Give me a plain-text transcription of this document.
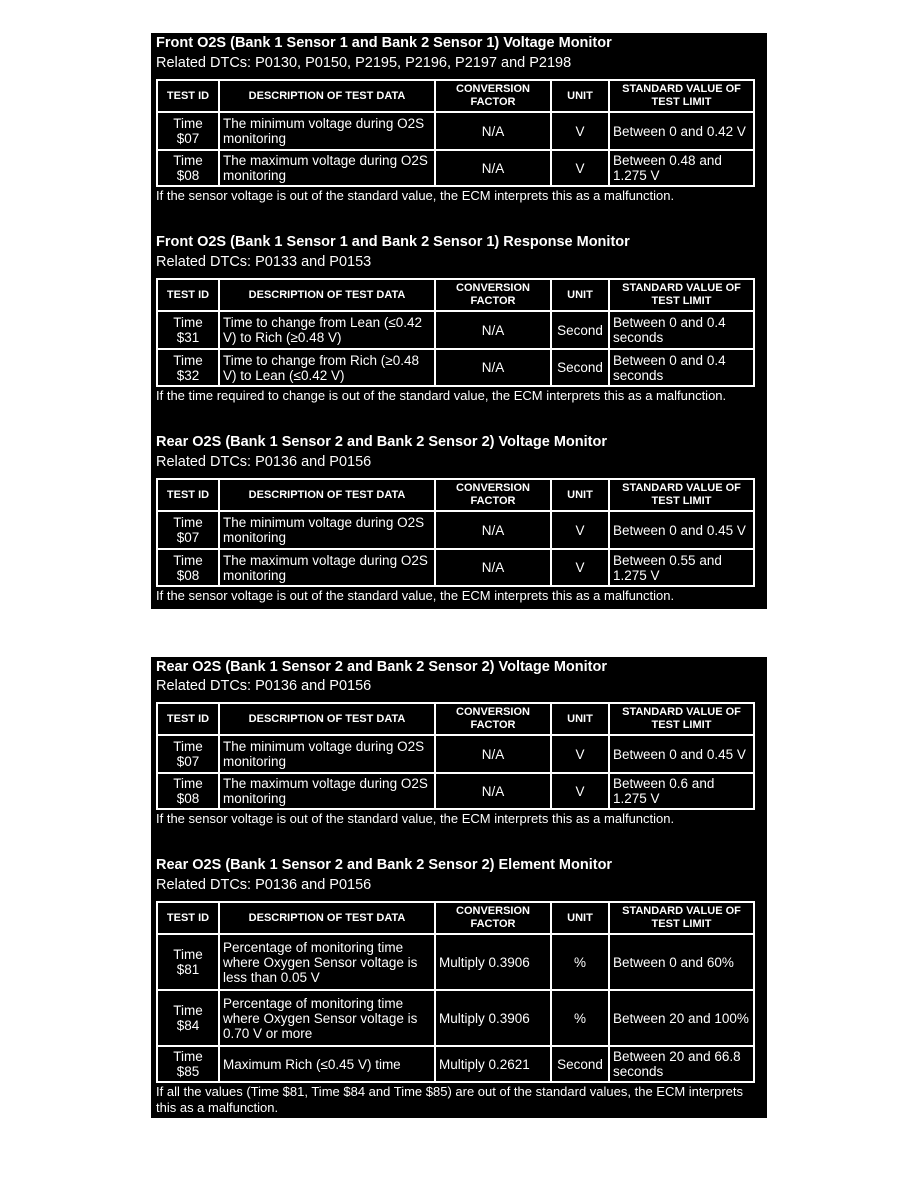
Front O2S (Bank 1 Sensor 1 and Bank 2 Sensor 1) Voltage Monitor
Related DTCs: P0130, P0150, P2195, P2196, P2197 and P2198
TEST ID	DESCRIPTION OF TEST DATA	CONVERSION FACTOR	UNIT	STANDARD VALUE OF TEST LIMIT
Time $07	The minimum voltage during O2S monitoring	N/A	V	Between 0 and 0.42 V
Time $08	The maximum voltage during O2S monitoring	N/A	V	Between 0.48 and 1.275 V
If the sensor voltage is out of the standard value, the ECM interprets this as a malfunction.
Front O2S (Bank 1 Sensor 1 and Bank 2 Sensor 1) Response Monitor
Related DTCs: P0133 and P0153
TEST ID	DESCRIPTION OF TEST DATA	CONVERSION FACTOR	UNIT	STANDARD VALUE OF TEST LIMIT
Time $31	Time to change from Lean (≤0.42 V) to Rich (≥0.48 V)	N/A	Second	Between 0 and 0.4 seconds
Time $32	Time to change from Rich (≥0.48 V) to Lean (≤0.42 V)	N/A	Second	Between 0 and 0.4 seconds
If the time required to change is out of the standard value, the ECM interprets this as a malfunction.
Rear O2S (Bank 1 Sensor 2 and Bank 2 Sensor 2) Voltage Monitor
Related DTCs: P0136 and P0156
TEST ID	DESCRIPTION OF TEST DATA	CONVERSION FACTOR	UNIT	STANDARD VALUE OF TEST LIMIT
Time $07	The minimum voltage during O2S monitoring	N/A	V	Between 0 and 0.45 V
Time $08	The maximum voltage during O2S monitoring	N/A	V	Between 0.55 and 1.275 V
If the sensor voltage is out of the standard value, the ECM interprets this as a malfunction.
Rear O2S (Bank 1 Sensor 2 and Bank 2 Sensor 2) Voltage Monitor
Related DTCs: P0136 and P0156
TEST ID	DESCRIPTION OF TEST DATA	CONVERSION FACTOR	UNIT	STANDARD VALUE OF TEST LIMIT
Time $07	The minimum voltage during O2S monitoring	N/A	V	Between 0 and 0.45 V
Time $08	The maximum voltage during O2S monitoring	N/A	V	Between 0.6 and 1.275 V
If the sensor voltage is out of the standard value, the ECM interprets this as a malfunction.
Rear O2S (Bank 1 Sensor 2 and Bank 2 Sensor 2) Element Monitor
Related DTCs: P0136 and P0156
TEST ID	DESCRIPTION OF TEST DATA	CONVERSION FACTOR	UNIT	STANDARD VALUE OF TEST LIMIT
Time $81	Percentage of monitoring time where Oxygen Sensor voltage is less than 0.05 V	Multiply 0.3906	%	Between 0 and 60%
Time $84	Percentage of monitoring time where Oxygen Sensor voltage is 0.70 V or more	Multiply 0.3906	%	Between 20 and 100%
Time $85	Maximum Rich (≤0.45 V) time	Multiply 0.2621	Second	Between 20 and 66.8 seconds
If all the values (Time $81, Time $84 and Time $85) are out of the standard values, the ECM interprets this as a malfunction.
